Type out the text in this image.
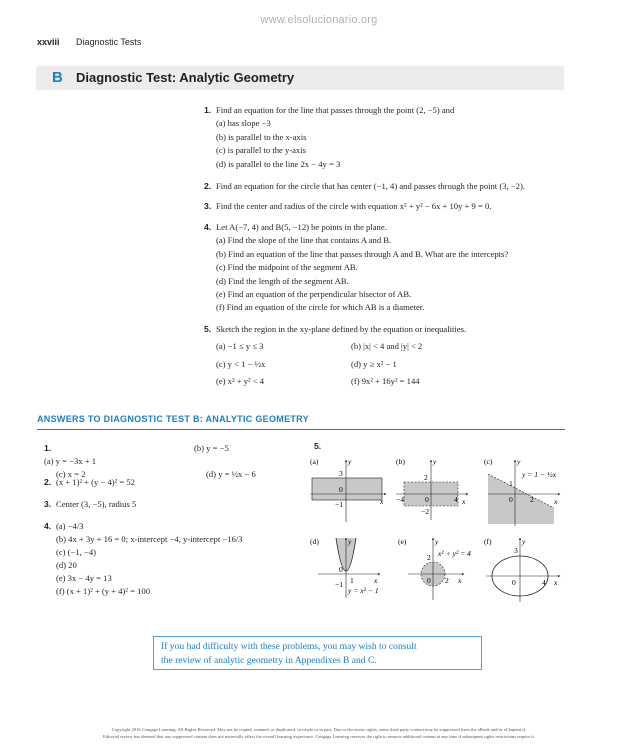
www.elsolucionario.org
xxviii Diagnostic Tests
B Diagnostic Test: Analytic Geometry
1. Find an equation for the line that passes through the point (2, −5) and
(a) has slope −3
(b) is parallel to the x-axis
(c) is parallel to the y-axis
(d) is parallel to the line 2x − 4y = 3
2. Find an equation for the circle that has center (−1, 4) and passes through the point (3, −2).
3. Find the center and radius of the circle with equation x² + y² − 6x + 10y + 9 = 0.
4. Let A(−7, 4) and B(5, −12) be points in the plane.
(a) Find the slope of the line that contains A and B.
(b) Find an equation of the line that passes through A and B. What are the intercepts?
(c) Find the midpoint of the segment AB.
(d) Find the length of the segment AB.
(e) Find an equation of the perpendicular bisector of AB.
(f) Find an equation of the circle for which AB is a diameter.
5. Sketch the region in the xy-plane defined by the equation or inequalities.
(a) −1 ≤ y ≤ 3	(b) |x| < 4 and |y| < 2
(c) y < 1 − ½x	(d) y ≥ x² − 1
(e) x² + y² < 4	(f) 9x² + 16y² = 144
ANSWERS TO DIAGNOSTIC TEST B: ANALYTIC GEOMETRY
1.(a) y = −3x + 1
(b) y = −5
(c) x = 2	(d) y = ½x − 6
2. (x + 1)² + (y − 4)² = 52
3. Center (3, −5), radius 5
4. (a) −4/3
(b) 4x + 3y + 16 = 0; x-intercept −4, y-intercept −16/3
(c) (−1, −4)
(d) 20
(e) 3x − 4y = 13
(f) (x + 1)² + (y + 4)² = 100
5.
(a)	y
x
3
0
−1
(b)	y
x
2
−4	0	4
−2
(c)	y
x
1
0 2
y = 1 − ½x
(d)	y
x
0
1
−1
y = x² − 1
(e)	y
x
2
0 2
x² + y² = 4
(f)	y
x
3
0	4
If you had difficulty with these problems, you may wish to consult
the review of analytic geometry in Appendixes B and C.
Copyright 2016 Cengage Learning. All Rights Reserved. May not be copied, scanned, or duplicated, in whole or in part. Due to electronic rights, some third party content may be suppressed from the eBook and/or eChapter(s).
Editorial review has deemed that any suppressed content does not materially affect the overall learning experience. Cengage Learning reserves the right to remove additional content at any time if subsequent rights restrictions require it.
